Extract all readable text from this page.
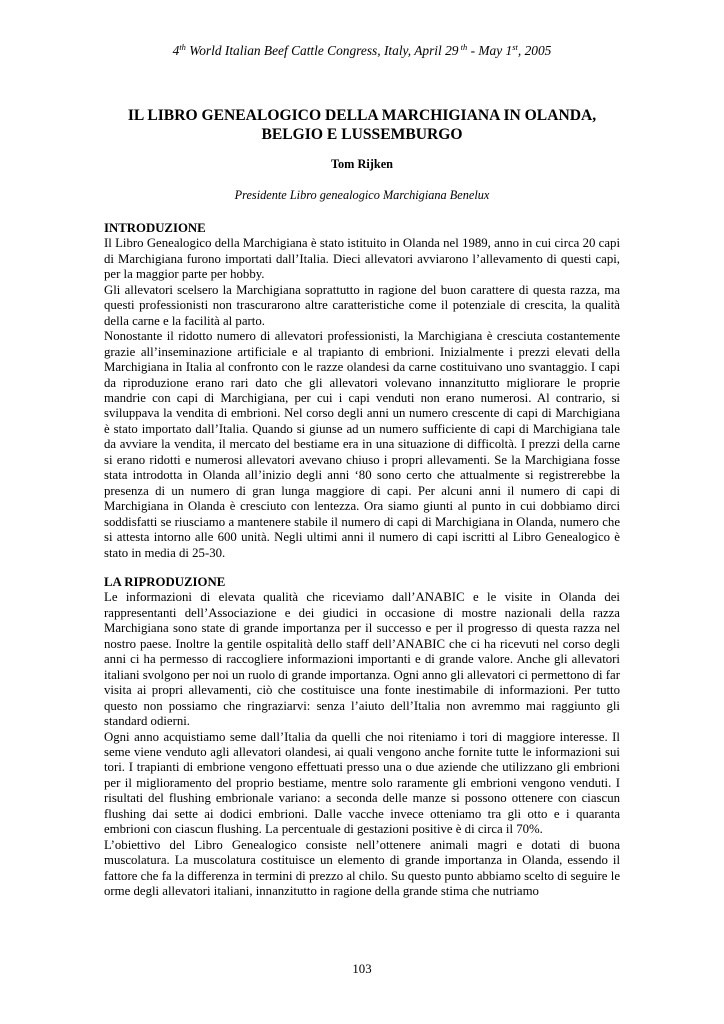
4th World Italian Beef Cattle Congress, Italy, April 29 $^{th}$ - May 1st, 2005
IL LIBRO GENEALOGICO DELLA MARCHIGIANA IN OLANDA, BELGIO E LUSSEMBURGO
Tom Rijken
Presidente Libro genealogico Marchigiana Benelux

INTRODUZIONE

Il Libro Genealogico della Marchigiana è stato istituito in Olanda nel 1989, anno in cui circa 20 capi di Marchigiana furono importati dall’Italia. Dieci allevatori avviarono l’allevamento di questi capi, per la maggior parte per hobby.

Gli allevatori scelsero la Marchigiana soprattutto in ragione del buon carattere di questa razza, ma questi professionisti non trascurarono altre caratteristiche come il potenziale di crescita, la qualità della carne e la facilità al parto.

Nonostante il ridotto numero di allevatori professionisti, la Marchigiana è cresciuta costantemente grazie all’inseminazione artificiale e al trapianto di embrioni. Inizialmente i prezzi elevati della Marchigiana in Italia al confronto con le razze olandesi da carne costituivano uno svantaggio. I capi da riproduzione erano rari dato che gli allevatori volevano innanzitutto migliorare le proprie mandrie con capi di Marchigiana, per cui i capi venduti non erano numerosi. Al contrario, si sviluppava la vendita di embrioni. Nel corso degli anni un numero crescente di capi di Marchigiana è stato importato dall’Italia. Quando si giunse ad un numero sufficiente di capi di Marchigiana tale da avviare la vendita, il mercato del bestiame era in una situazione di difficoltà. I prezzi della carne si erano ridotti e numerosi allevatori avevano chiuso i propri allevamenti. Se la Marchigiana fosse stata introdotta in Olanda all’inizio degli anni ‘80 sono certo che attualmente si registrerebbe la presenza di un numero di gran lunga maggiore di capi. Per alcuni anni il numero di capi di Marchigiana in Olanda è cresciuto con lentezza. Ora siamo giunti al punto in cui dobbiamo dirci soddisfatti se riusciamo a mantenere stabile il numero di capi di Marchigiana in Olanda, numero che si attesta intorno alle 600 unità. Negli ultimi anni il numero di capi iscritti al Libro Genealogico è stato in media di 25-30.

LA RIPRODUZIONE

Le informazioni di elevata qualità che riceviamo dall’ANABIC e le visite in Olanda dei rappresentanti dell’Associazione e dei giudici in occasione di mostre nazionali della razza Marchigiana sono state di grande importanza per il successo e per il progresso di questa razza nel nostro paese. Inoltre la gentile ospitalità dello staff dell’ANABIC che ci ha ricevuti nel corso degli anni ci ha permesso di raccogliere informazioni importanti e di grande valore. Anche gli allevatori italiani svolgono per noi un ruolo di grande importanza. Ogni anno gli allevatori ci permettono di far visita ai propri allevamenti, ciò che costituisce una fonte inestimabile di informazioni. Per tutto questo non possiamo che ringraziarvi: senza l’aiuto dell’Italia non avremmo mai raggiunto gli standard odierni.

Ogni anno acquistiamo seme dall’Italia da quelli che noi riteniamo i tori di maggiore interesse. Il seme viene venduto agli allevatori olandesi, ai quali vengono anche fornite tutte le informazioni sui tori. I trapianti di embrione vengono effettuati presso una o due aziende che utilizzano gli embrioni per il miglioramento del proprio bestiame, mentre solo raramente gli embrioni vengono venduti. I risultati del flushing embrionale variano: a seconda delle manze si possono ottenere con ciascun flushing dai sette ai dodici embrioni. Dalle vacche invece otteniamo tra gli otto e i quaranta embrioni con ciascun flushing. La percentuale di gestazioni positive è di circa il 70%.

L’obiettivo del Libro Genealogico consiste nell’ottenere animali magri e dotati di buona muscolatura. La muscolatura costituisce un elemento di grande importanza in Olanda, essendo il fattore che fa la differenza in termini di prezzo al chilo. Su questo punto abbiamo scelto di seguire le orme degli allevatori italiani, innanzitutto in ragione della grande stima che nutriamo

103
